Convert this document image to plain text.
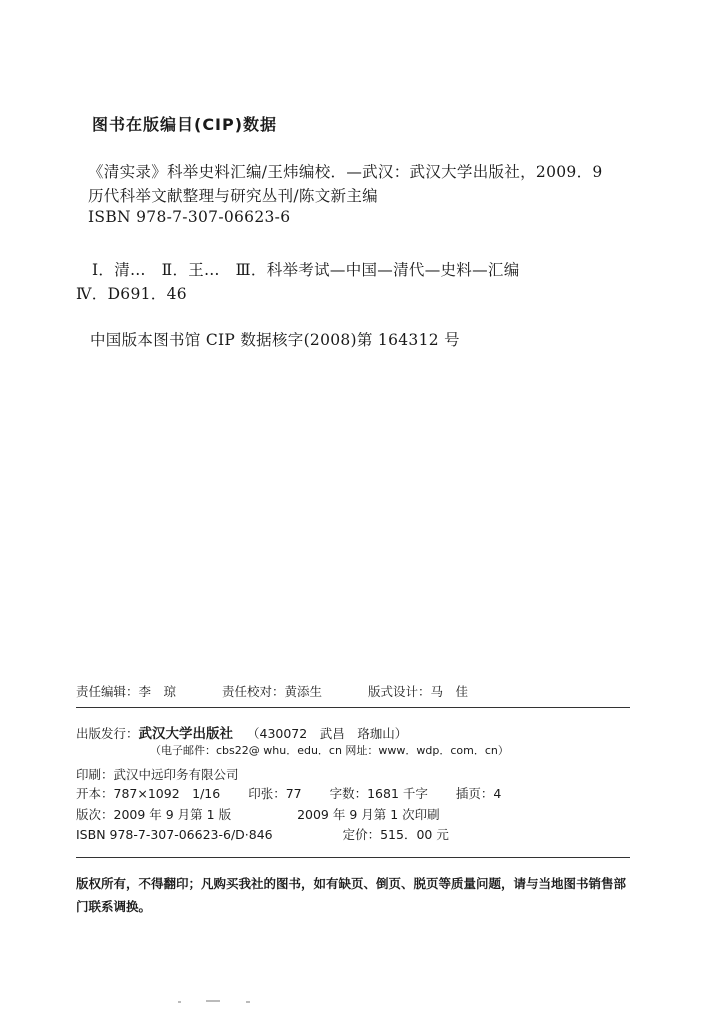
图书在版编目(CIP)数据
《清实录》科举史料汇编/王炜编校．—武汉：武汉大学出版社，2009．9
历代科举文献整理与研究丛刊/陈文新主编
ISBN 978-7-307-06623-6
Ⅰ．清…　Ⅱ．王…　Ⅲ．科举考试—中国—清代—史料—汇编
Ⅳ．D691．46
中国版本图书馆 CIP 数据核字(2008)第 164312 号
责任编辑：李　琼	责任校对：黄添生	版式设计：马　佳
出版发行：武汉大学出版社 （430072　武昌　珞珈山）
（电子邮件：cbs22@ whu．edu．cn 网址：www．wdp．com．cn）
印刷：武汉中远印务有限公司
开本：787×1092　1/16 印张：77 字数：1681 千字 插页：4
版次：2009 年 9 月第 1 版	2009 年 9 月第 1 次印刷
ISBN 978-7-307-06623-6/D·846	定价：515．00 元
版权所有，不得翻印；凡购买我社的图书，如有缺页、倒页、脱页等质量问题，请与当地图书销售部门联系调换。
